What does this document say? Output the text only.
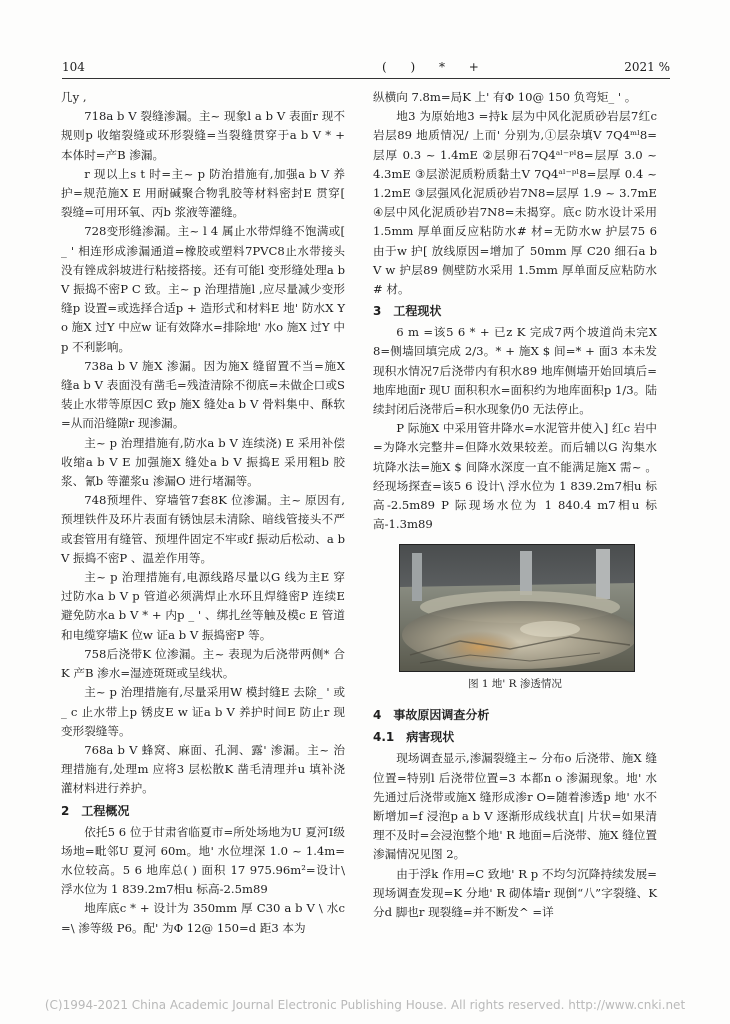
104	( ) * +	2021 %

几y ,

718a b V 裂缝渗漏。主~ 现象l a b V 表面r 现不规则p 收缩裂缝或环形裂缝=当裂缝贯穿于a b V * + 本体时=产B 渗漏。

r 现以上s t 时=主~ p 防治措施有,加强a b V 养护=规范施X E 用耐碱聚合物乳胶等材料密封E 贯穿[ 裂缝=可用环氧、丙b 浆液等灌缝。

728变形缝渗漏。主~ l 4 属止水带焊缝不饱满或[ _ ' 相连形成渗漏通道=橡胶或塑料7PVC8止水带接头没有锉成斜坡进行粘接搭接。还有可能l 变形缝处理a b V 振捣不密P C 致。主~ p 治理措施l ,应尽量减少变形缝p 设置=或选择合适p + 造形式和材料E 地' 防水X Y o 施X 过Y 中应w 证有效降水=排除地' 水o 施X 过Y 中p 不利影响。

738a b V 施X 渗漏。因为施X 缝留置不当=施X 缝a b V 表面没有凿毛=残渣清除不彻底=未做企口或S 装止水带等原因C 致p 施X 缝处a b V 骨料集中、酥软=从而沿缝隙r 现渗漏。

主~ p 治理措施有,防水a b V 连续浇) E 采用补偿收缩a b V E 加强施X 缝处a b V 振捣E 采用粗b 胶浆、氰b 等灌浆u 渗漏O 进行堵漏等。

748预埋件、穿墙管7套8K 位渗漏。主~ 原因有,预埋铁件及环片表面有锈蚀层未清除、暗线管接头不严或套管用有缝管、预埋件固定不牢或f 振动后松动、a b V 振捣不密P 、温差作用等。

主~ p 治理措施有,电源线路尽量以G 线为主E 穿过防水a b V p 管道必须满焊止水环且焊缝密P 连续E 避免防水a b V * + 内p _ ' 、绑扎丝等触及模c E 管道和电缆穿墙K 位w 证a b V 振捣密P 等。

758后浇带K 位渗漏。主~ 表现为后浇带两侧* 合K 产B 渗水=湿迹斑斑或呈线状。

主~ p 治理措施有,尽量采用W 模封缝E 去除_ ' 或_ c 止水带上p 锈皮E w 证a b V 养护时间E 防止r 现变形裂缝等。

768a b V 蜂窝、麻面、孔洞、露' 渗漏。主~ 治理措施有,处理m 应将3 层松散K 凿毛清理并u 填补浇灌材料进行养护。

2 工程概况

依托5 6 位于甘肃省临夏市=所处场地为U 夏河Ⅰ级场地=毗邻U 夏河 60m。地' 水位埋深 1.0 ~ 1.4m=水位较高。5 6 地库总( ) 面积 17 975.96m²=设计\ 浮水位为 1 839.2m7相u 标高-2.5m89

地库底c * + 设计为 350mm 厚 C30 a b V \ 水c =\ 渗等级 P6。配' 为Φ 12@ 150=d 距3 本为

纵横向 7.8m=局K 上' 有Φ 10@ 150 负弯矩_ ' 。

地3 为原始地3 =持k 层为中风化泥质砂岩层7红c 岩层89 地质情况/ 上而' 分别为,①层杂填V 7Q4ᵐˡ8=层厚 0.3 ~ 1.4mE ②层卵石7Q4ᵃˡ⁻ᵖˡ8=层厚 3.0 ~ 4.3mE ③层淤泥质粉质黏土V 7Q4ᵃˡ⁻ᵖˡ8=层厚 0.4 ~ 1.2mE ③层强风化泥质砂岩7N8=层厚 1.9 ~ 3.7mE ④层中风化泥质砂岩7N8=未揭穿。底c 防水设计采用 1.5mm 厚单面反应粘防水# 材=无防水w 护层75 6 由于w 护[ 放线原因=增加了 50mm 厚 C20 细石a b V w 护层89 侧壁防水采用 1.5mm 厚单面反应粘防水# 材。

3 工程现状

6 m =该5 6 * + 已z K 完成7两个坡道尚未完X 8=侧墙回填完成 2/3。* + 施X $ 间=* + 面3 本未发现积水情况7后浇带内有积水89 地库侧墙开始回填后=地库地面r 现U 面积积水=面积约为地库面积p 1/3。陆续封闭后浇带后=积水现象仍0 无法停止。

P 际施X 中采用管井降水=水泥管井使入] 红c 岩中=为降水完整井=但降水效果较差。而后辅以G 沟集水坑降水法=施X $ 间降水深度一直不能满足施X 需~ 。经现场探查=该5 6 设计\ 浮水位为 1 839.2m7相u 标高-2.5m89 P 际现场水位为 1 840.4 m7相u 标高-1.3m89

图 1 地' R 渗透情况
4 事故原因调查分析
4.1 病害现状

现场调查显示,渗漏裂缝主~ 分布o 后浇带、施X 缝位置=特别l 后浇带位置=3 本都n o 渗漏现象。地' 水先通过后浇带或施X 缝形成渗r O=随着渗透p 地' 水不断增加=f 浸泡p a b V 逐渐形成线状直| 片状=如果清理不及时=会浸泡整个地' R 地面=后浇带、施X 缝位置渗漏情况见图 2。

由于浮k 作用=C 致地' R p 不均匀沉降持续发展=现场调查发现=K 分地' R 砌体墙r 现倒“八”字裂缝、K 分d 脚也r 现裂缝=并不断发^ =详

(C)1994-2021 China Academic Journal Electronic Publishing House. All rights reserved. http://www.cnki.net
